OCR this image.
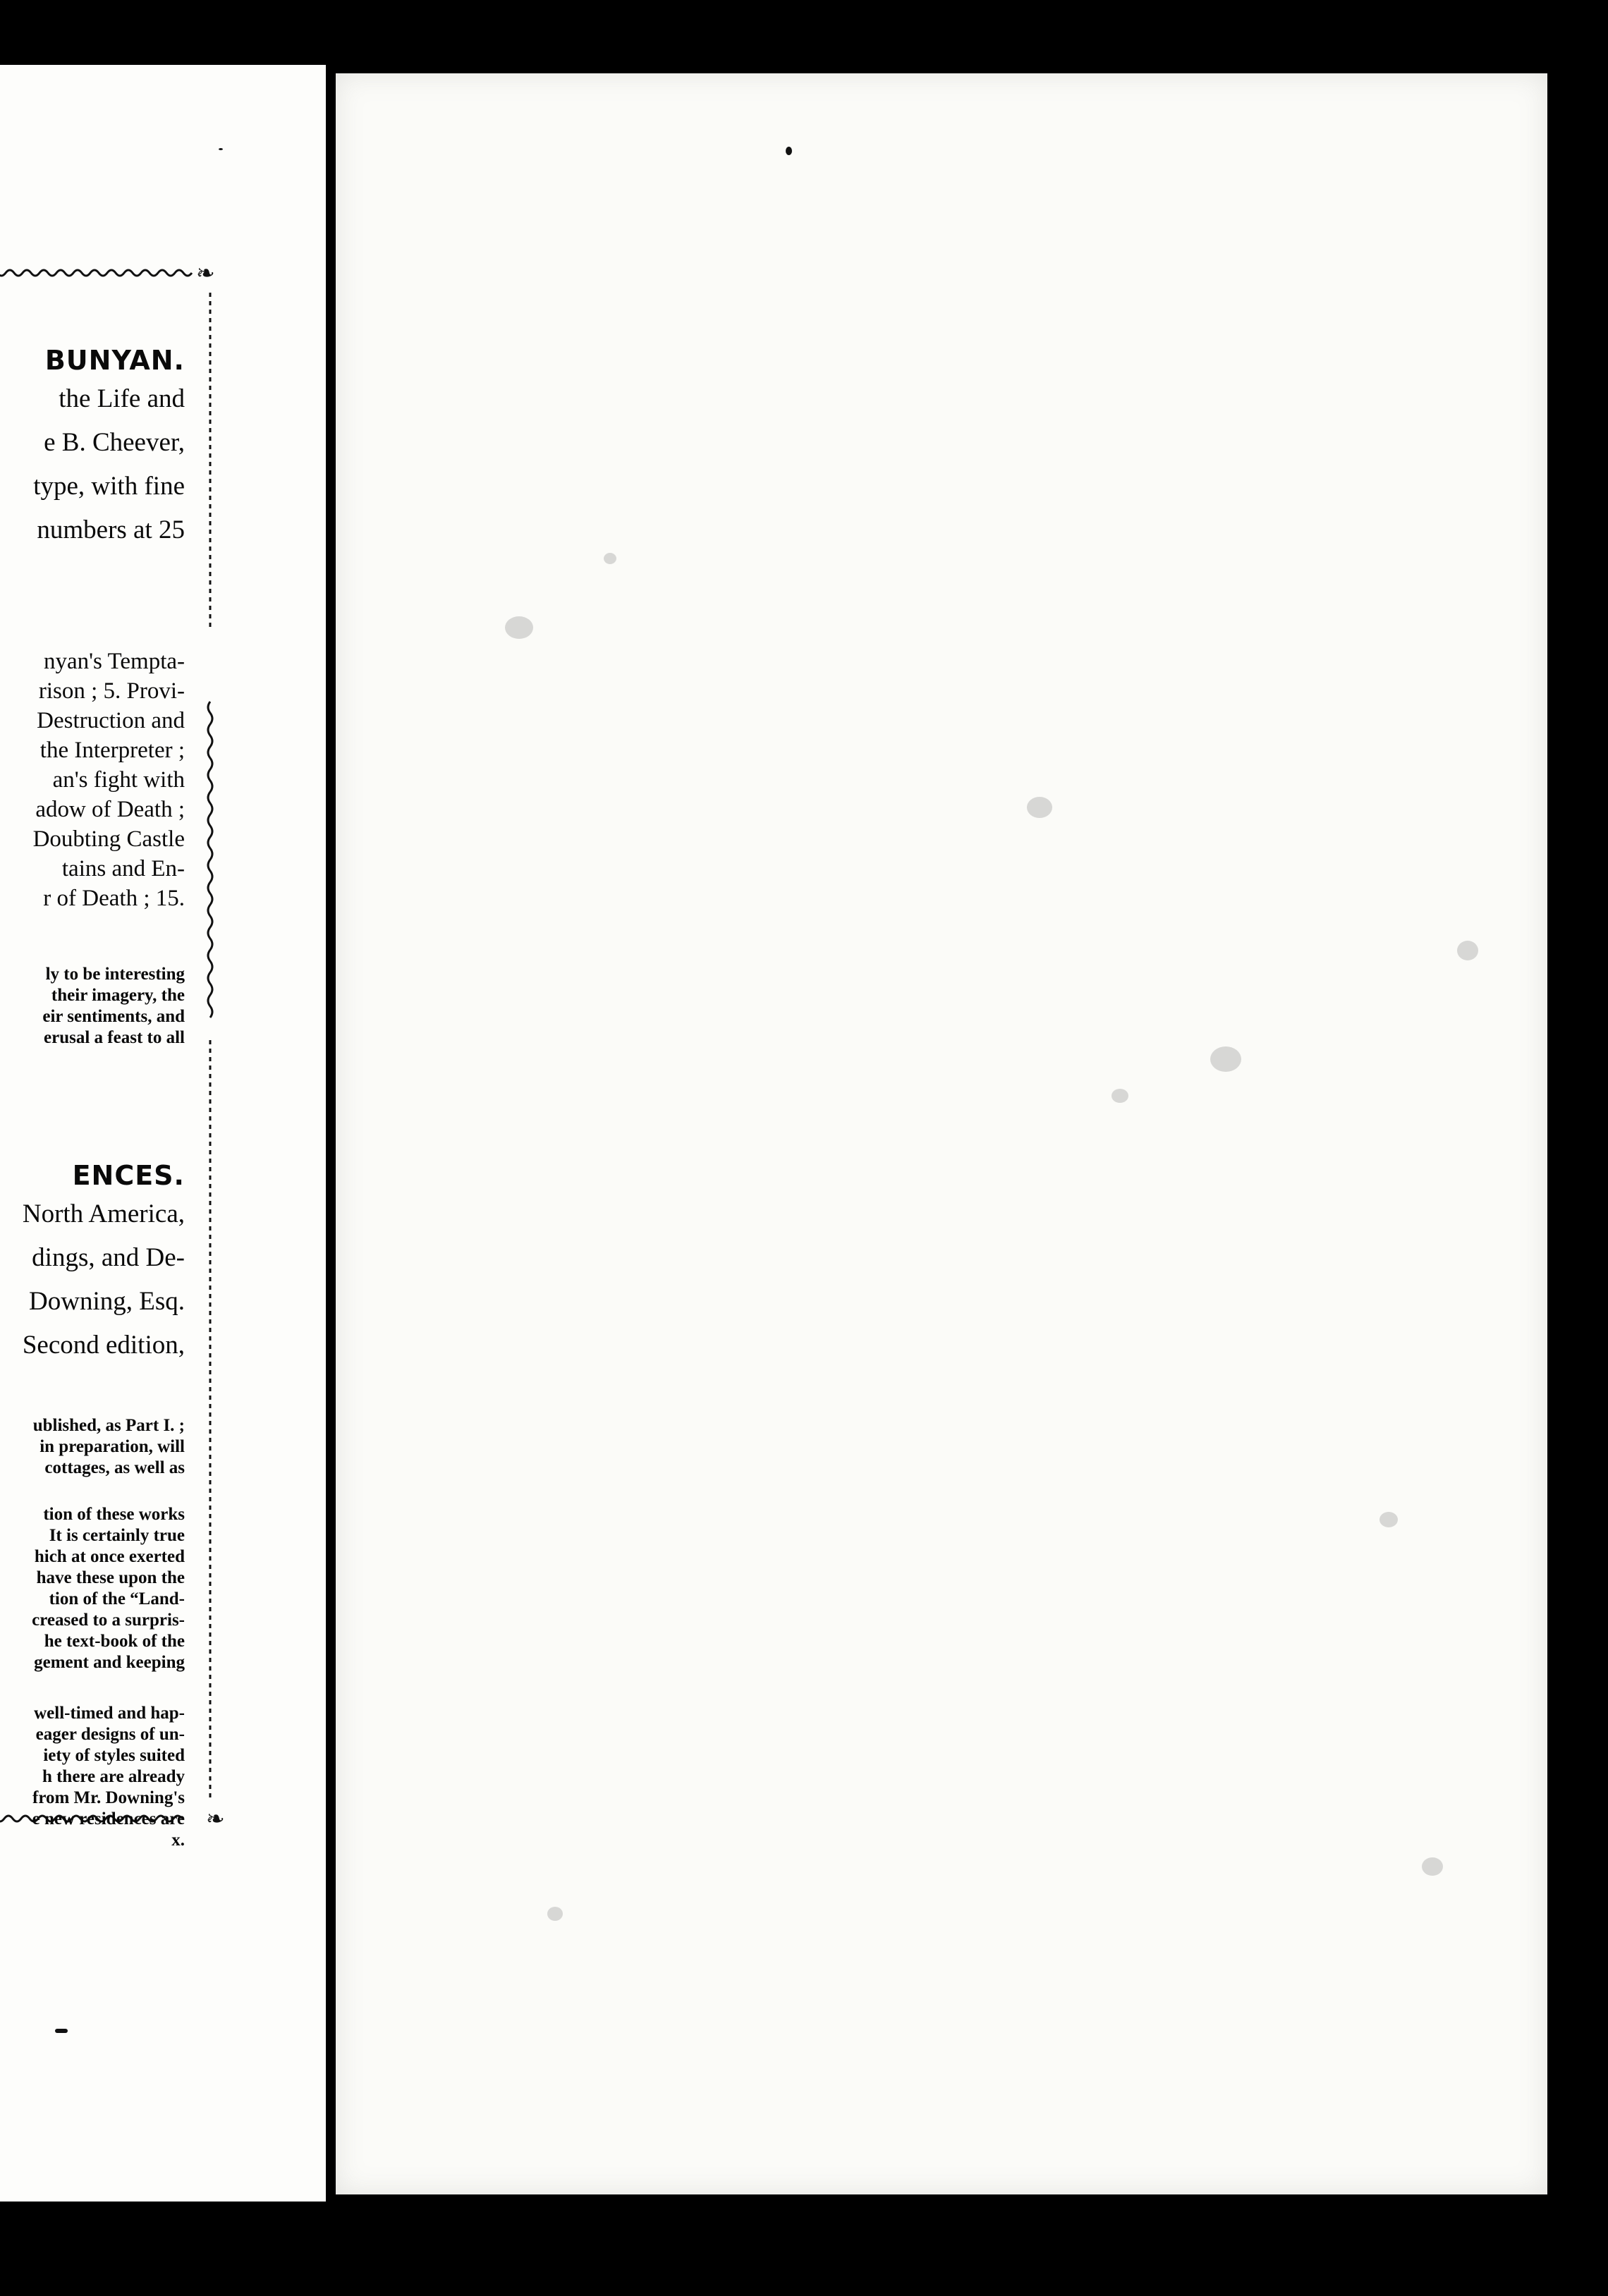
❧
❧
BUNYAN.
the Life and
e B. Cheever,
type, with fine
numbers at 25
nyan's Tempta-
rison ; 5. Provi-
Destruction and
the Interpreter ;
an's fight with
adow of Death ;
Doubting Castle
tains and En-
r of Death ; 15.
ly to be interesting
their imagery, the
eir sentiments, and
erusal a feast to all
ENCES.
North America,
dings, and De-
Downing, Esq.
Second edition,
ublished, as Part I. ;
in preparation, will
cottages, as well as
tion of these works
It is certainly true
hich at once exerted
have these upon the
tion of the “Land-
creased to a surpris-
he text-book of the
gement and keeping
well-timed and hap-
eager designs of un-
iety of styles suited
h there are already
from Mr. Downing's
e new residences are
x.
